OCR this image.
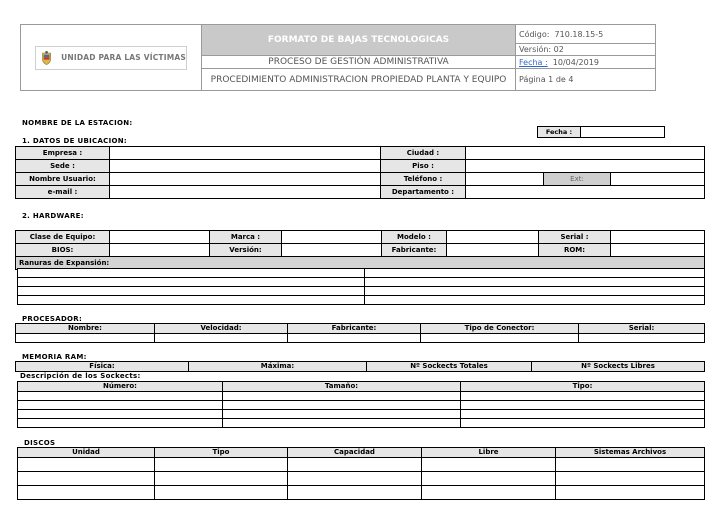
UNIDAD PARA LAS VÍCTIMAS	FORMATO DE BAJAS TECNOLOGICAS	Código: 710.18.15-5
		Versión: 02
	PROCESO DE GESTIÓN ADMINISTRATIVA	Fecha : 10/04/2019
	PROCEDIMIENTO ADMINISTRACION PROPIEDAD PLANTA Y EQUIPO	Página 1 de 4
NOMBRE DE LA ESTACION:
Fecha :	
1. DATOS DE UBICACION:
Empresa :		Ciudad :			
Sede :		Piso :			
Nombre Usuario:		Teléfono :		Ext:	
e-mail :		Departamento :			
2. HARDWARE:
Clase de Equipo:		Marca :		Modelo :		Serial :	
BIOS:		Versión:		Fabricante:		ROM:	
Ranuras de Expansión:							

PROCESADOR:
Nombre:	Velocidad:	Fabricante:	Tipo de Conector:	Serial:

MEMORIA RAM:
Física:	Máxima:	Nº Sockects Totales	Nº Sockects Libres
Descripción de los Sockects:
Número:	Tamaño:	Tipo:

DISCOS
Unidad	Tipo	Capacidad	Libre	Sistemas Archivos
